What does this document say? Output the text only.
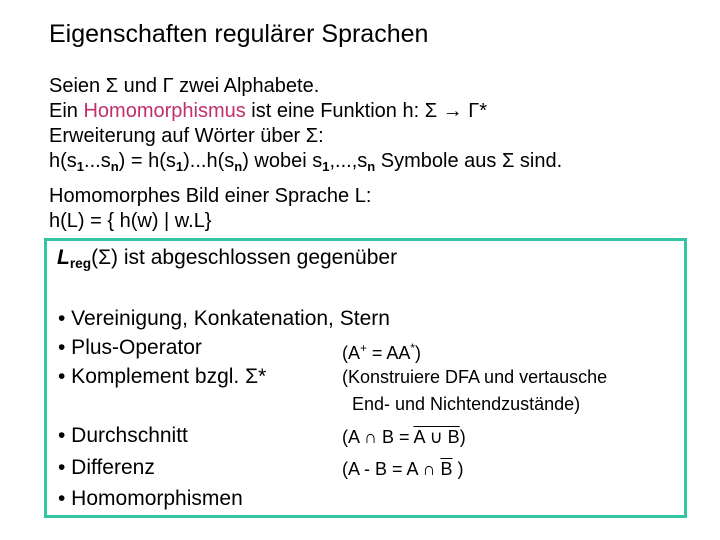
Eigenschaften regulärer Sprachen
Seien Σ und Γ zwei Alphabete.
Ein Homomorphismus ist eine Funktion h: Σ → Γ*
Erweiterung auf Wörter über Σ:
$h(s_1...s_n) = h(s_1)...h(s_n)$ wobei $s_1,...,s_n$ Symbole aus Σ sind.
Homomorphes Bild einer Sprache L:
h(L) = { h(w) | w.L}
$L_{reg}(\Sigma)$ ist abgeschlossen gegenüber
• Vereinigung, Konkatenation, Stern
• Plus-Operator
• Komplement bzgl. Σ*
• Durchschnitt
• Differenz
• Homomorphismen
(A+ = AA*)
(Konstruiere DFA und vertausche
End- und Nichtendzustände)
(A ∩ B = A ∪ B)
(A - B = A ∩ $\overline{B}$ )
